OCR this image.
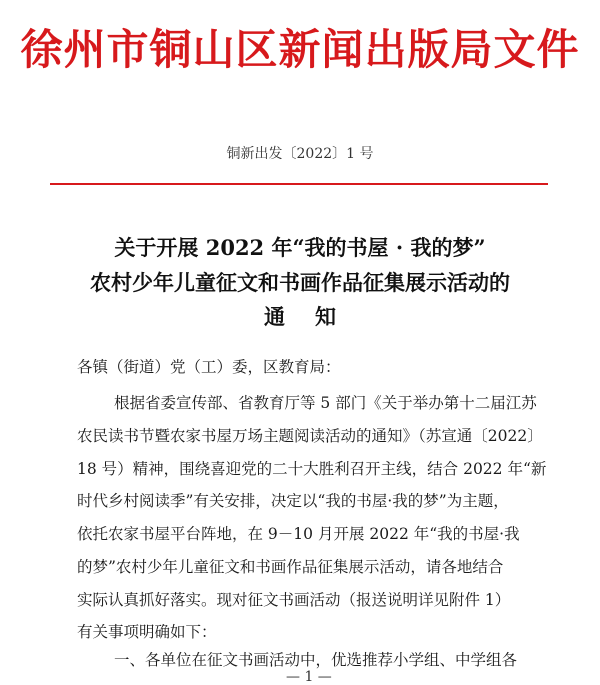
徐州市铜山区新闻出版局文件
铜新出发〔2022〕1 号
关于开展 2022 年“我的书屋 · 我的梦”
农村少年儿童征文和书画作品征集展示活动的
通知
各镇（街道）党（工）委，区教育局：
根据省委宣传部、省教育厅等 5 部门《关于举办第十二届江苏
农民读书节暨农家书屋万场主题阅读活动的通知》（苏宣通〔2022〕
18 号）精神，围绕喜迎党的二十大胜利召开主线，结合 2022 年“新
时代乡村阅读季”有关安排，决定以“我的书屋·我的梦”为主题，
依托农家书屋平台阵地，在 9－10 月开展 2022 年“我的书屋·我
的梦”农村少年儿童征文和书画作品征集展示活动，请各地结合
实际认真抓好落实。现对征文书画活动（报送说明详见附件 1）
有关事项明确如下：
一、各单位在征文书画活动中，优选推荐小学组、中学组各
— 1 —
